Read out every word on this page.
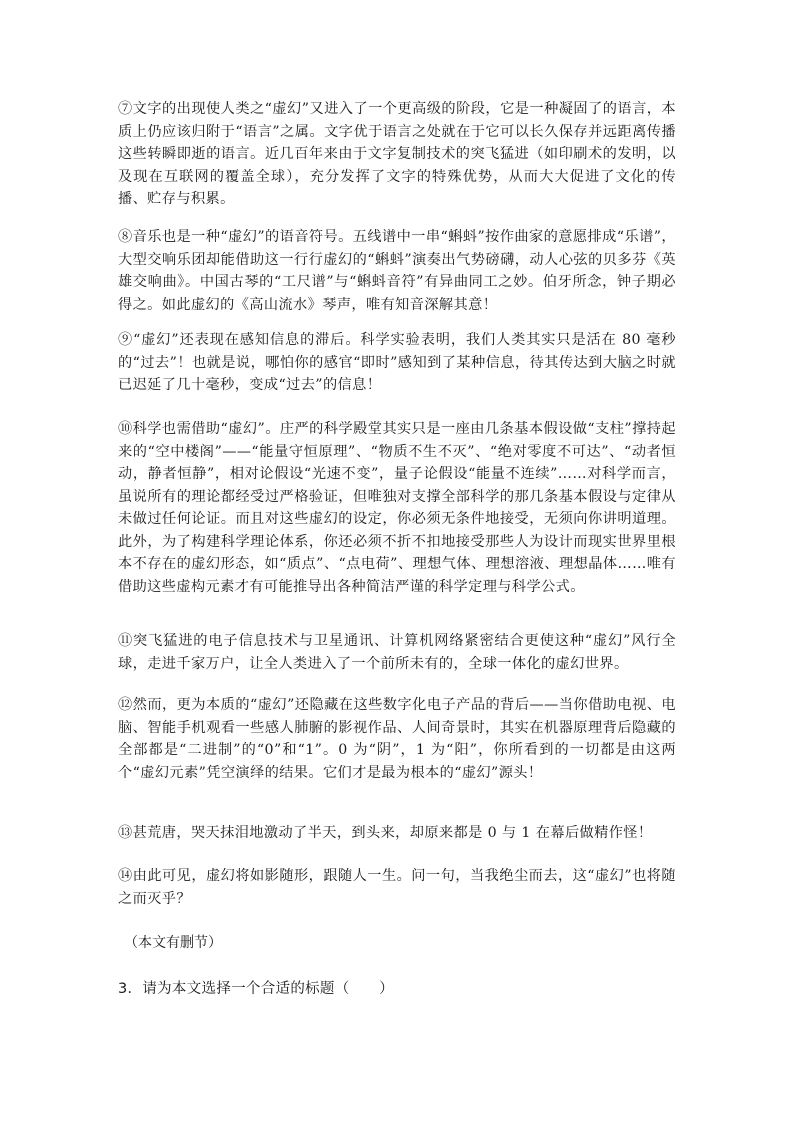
⑦文字的出现使人类之“虚幻”又进入了一个更高级的阶段，它是一种凝固了的语言，本质上仍应该归附于“语言”之属。文字优于语言之处就在于它可以长久保存并远距离传播 这些转瞬即逝的语言。近几百年来由于文字复制技术的突飞猛进（如印刷术的发明，以及现在互联网的覆盖全球），充分发挥了文字的特殊优势，从而大大促进了文化的传播、贮存与积累。

⑧音乐也是一种“虚幻”的语音符号。五线谱中一串“蝌蚪”按作曲家的意愿排成“乐谱”，大型交响乐团却能借助这一行行虚幻的“蝌蚪”演奏出气势磅礴，动人心弦的贝多芬《英雄交响曲》。中国古琴的“工尺谱”与“蝌蚪音符”有异曲同工之妙。伯牙所念，钟子期必得之。如此虚幻的《高山流水》琴声，唯有知音深解其意！

⑨“虚幻”还表现在感知信息的滞后。科学实验表明，我们人类其实只是活在 80 毫秒的“过去”！也就是说，哪怕你的感官“即时”感知到了某种信息，待其传达到大脑之时就已迟延了几十毫秒，变成“过去”的信息！

⑩科学也需借助“虚幻”。庄严的科学殿堂其实只是一座由几条基本假设做“支柱”撑持起来的“空中楼阁”——“能量守恒原理”、“物质不生不灭”、“绝对零度不可达”、“动者恒动，静者恒静”，相对论假设“光速不变”，量子论假设“能量不连续”……对科学而言，虽说所有的理论都经受过严格验证，但唯独对支撑全部科学的那几条基本假设与定律从未做过任何论证。而且对这些虚幻的设定，你必须无条件地接受，无须向你讲明道理。此外，为了构建科学理论体系，你还必须不折不扣地接受那些人为设计而现实世界里根本不存在的虚幻形态，如“质点”、“点电荷”、理想气体、理想溶液、理想晶体……唯有借助这些虚构元素才有可能推导出各种简洁严谨的科学定理与科学公式。

⑪突飞猛进的电子信息技术与卫星通讯、计算机网络紧密结合更使这种“虚幻”风行全球，走进千家万户，让全人类进入了一个前所未有的，全球一体化的虚幻世界。

⑫然而，更为本质的“虚幻”还隐藏在这些数字化电子产品的背后——当你借助电视、电脑、智能手机观看一些感人肺腑的影视作品、人间奇景时，其实在机器原理背后隐藏的全部都是“二进制”的“0”和“1”。0 为“阴”，1 为“阳”，你所看到的一切都是由这两个“虚幻元素”凭空演绎的结果。它们才是最为根本的“虚幻”源头！

⑬甚荒唐，哭天抹泪地激动了半天，到头来，却原来都是 0 与 1 在幕后做精作怪！

⑭由此可见，虚幻将如影随形，跟随人一生。问一句，当我绝尘而去，这“虚幻”也将随之而灭乎？

（本文有删节）

3．请为本文选择一个合适的标题（　　）
